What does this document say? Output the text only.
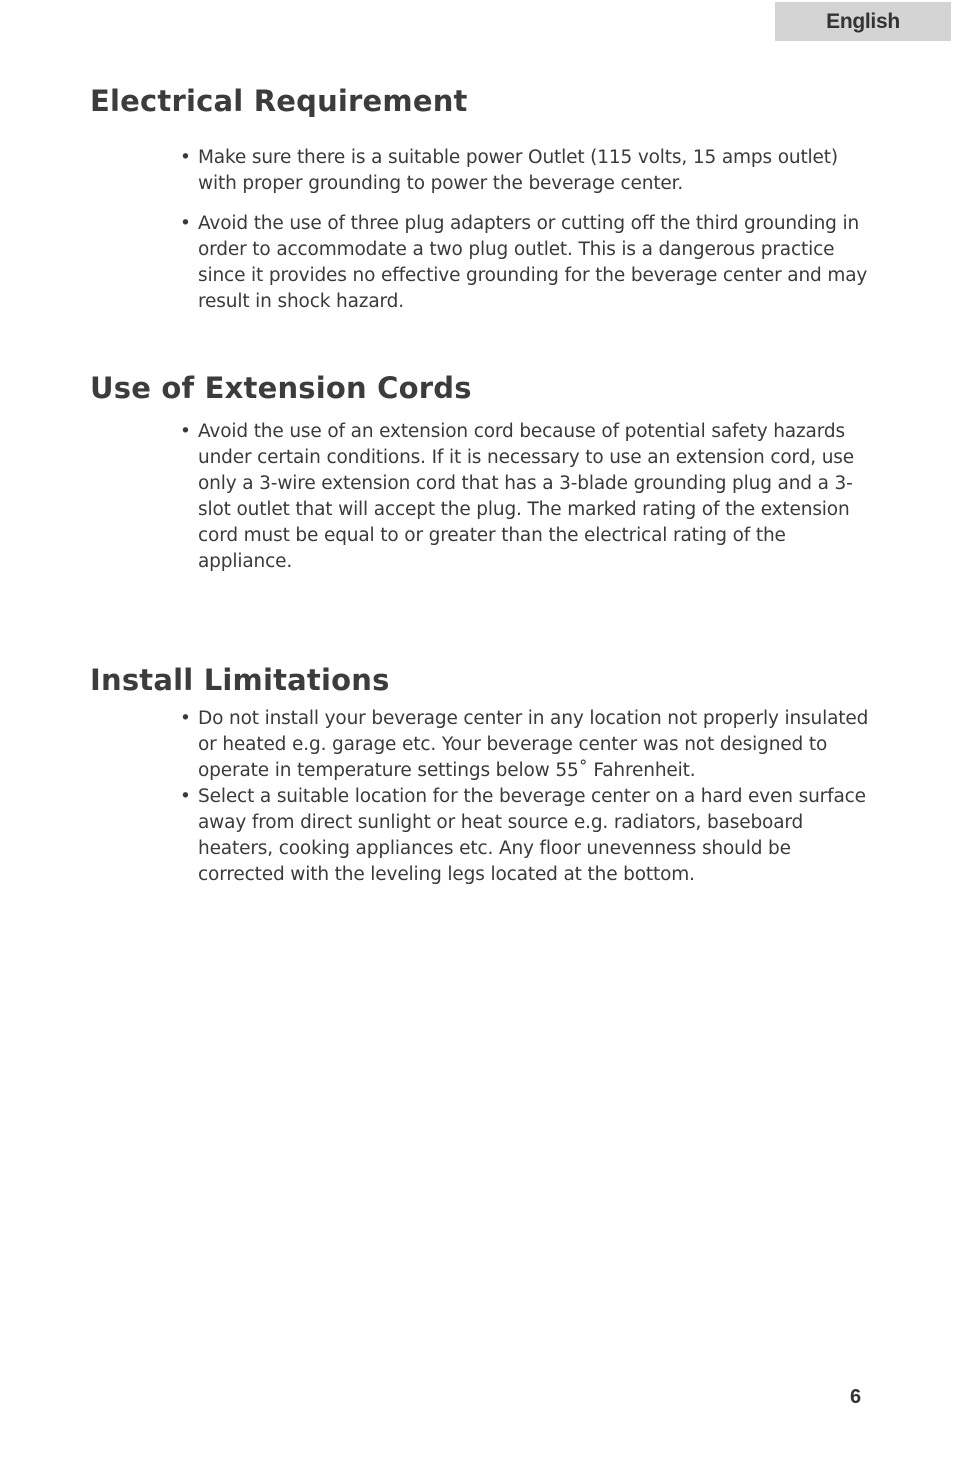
English
Electrical Requirement
• Make sure there is a suitable power Outlet (115 volts, 15 amps outlet) with proper grounding to power the beverage center.
• Avoid the use of three plug adapters or cutting off the third grounding in order to accommodate a two plug outlet. This is a dangerous practice since it provides no effective grounding for the beverage center and may result in shock hazard.
Use of Extension Cords
• Avoid the use of an extension cord because of potential safety hazards under certain conditions. If it is necessary to use an extension cord, use only a 3-wire extension cord that has a 3-blade grounding plug and a 3-slot outlet that will accept the plug. The marked rating of the extension cord must be equal to or greater than the electrical rating of the appliance.
Install Limitations
• Do not install your beverage center in any location not properly insulated or heated e.g. garage etc. Your beverage center was not designed to operate in temperature settings below 55˚ Fahrenheit.
• Select a suitable location for the beverage center on a hard even surface away from direct sunlight or heat source e.g. radiators, baseboard heaters, cooking appliances etc. Any floor unevenness should be corrected with the leveling legs located at the bottom.
6
